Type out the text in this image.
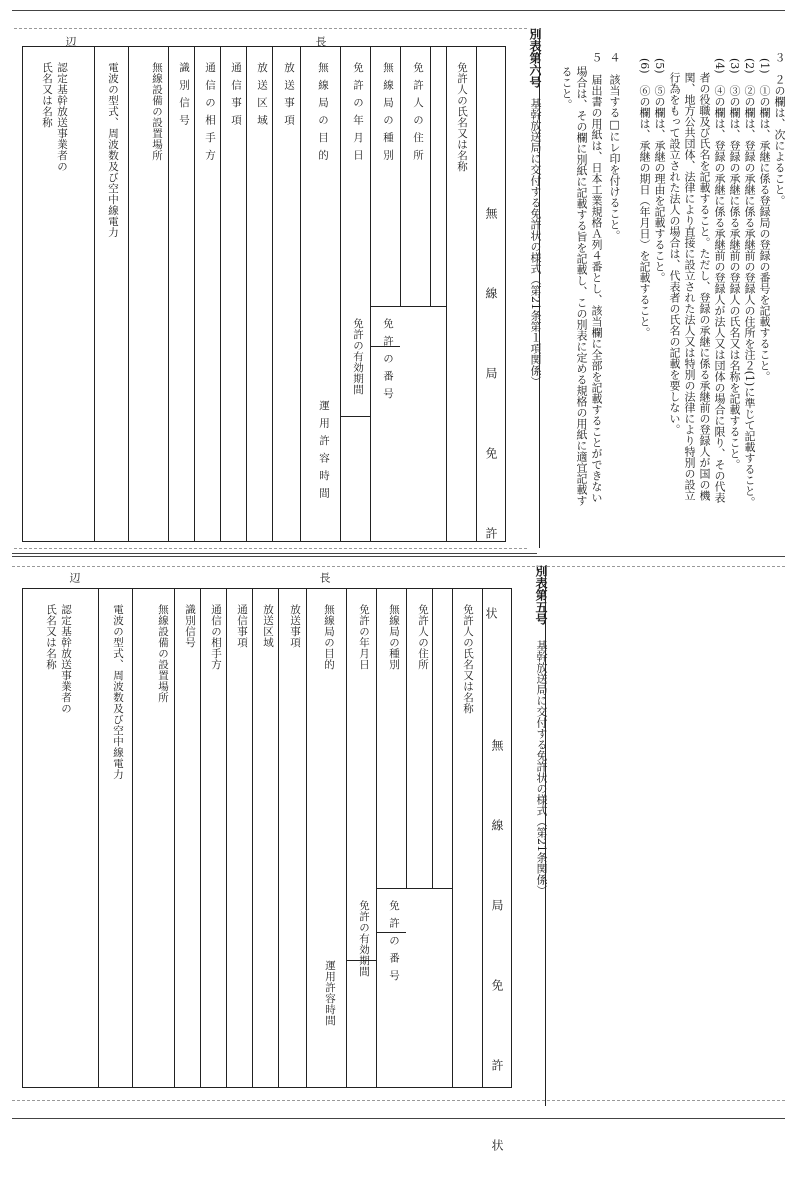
３　２の欄は、次によること。
(1)　①の欄は、承継に係る登録局の登録の番号を記載すること。
(2)　②の欄は、登録の承継に係る承継前の登録人の住所を注２(1)に準じて記載すること。
(3)　③の欄は、登録の承継に係る承継前の登録人の氏名又は名称を記載すること。
(4)　④の欄は、登録の承継に係る承継前の登録人が法人又は団体の場合に限り、その代表
者の役職及び氏名を記載すること。ただし、登録の承継に係る承継前の登録人が国の機
関、地方公共団体、法律により直接に設立された法人又は特別の法律により特別の設立
行為をもって設立された法人の場合は、代表者の氏名の記載を要しない。
(5)　⑤の欄は、承継の理由を記載すること。
(6)　⑥の欄は、承継の期日（年月日）を記載すること。
４　該当する□にレ印を付けること。
５　届出書の用紙は、日本工業規格Ａ列４番とし、該当欄に全部を記載することができない
場合は、その欄に別紙に記載する旨を記載し、この別表に定める規格の用紙に適宜記載す
ること。
別表第六号
基幹放送局に交付する免許状の様式（第21条第１項関係）
辺	長
無　線　局　免　許　状
免許人の氏名又は名称
免許人の住所
無線局の種別
免許の年月日
無線局の目的
放送事項
放送区域
通信事項
通信の相手方
識別信号
無線設備の設置場所
電波の型式、周波数及び空中線電力
認定基幹放送事業者の氏名又は名称
免許の番号
免許の有効期間
運用許容時間
別表第五号
基幹放送局に交付する免許状の様式（第21条関係）
辺	長
無　線　局　免　許　状
免許人の氏名又は名称
免許人の住所
無線局の種別
免許の年月日
無線局の目的
放送事項
放送区域
通信事項
通信の相手方
識別信号
無線設備の設置場所
電波の型式、周波数及び空中線電力
認定基幹放送事業者の氏名又は名称
免許の番号
免許の有効期間
運用許容時間
